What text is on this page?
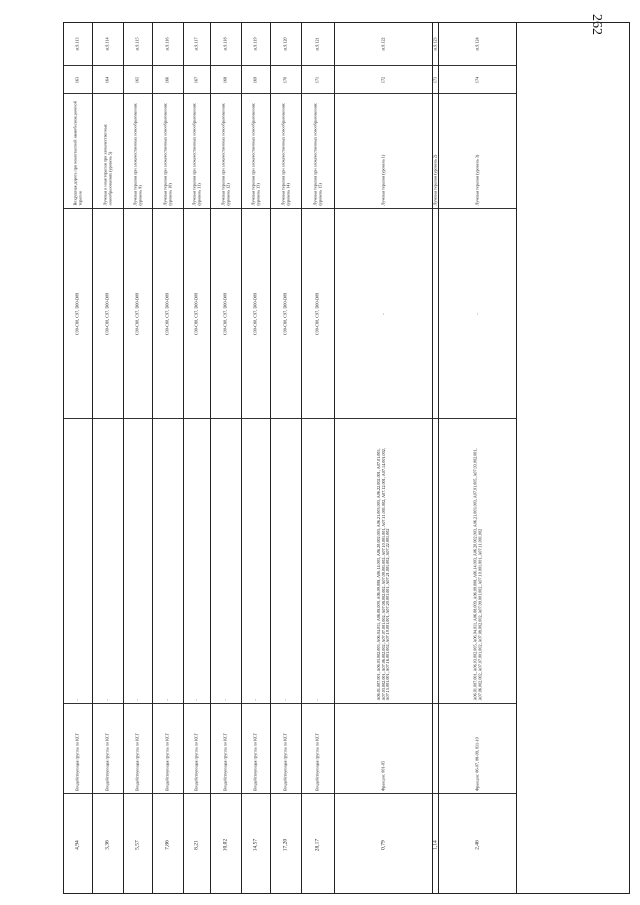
262
st.9.113
163
Воздушная дорога при неконтактной иммобилизационной терапии
C00-C80, C97, D00-D09
-
Воздействующая группа по КСГ
4,94
st.9.114
164
Лучевая и иная терапия при злокачественных новообразованиях (уровень 5)
C00-C80, C97, D00-D09
-
Воздействующая группа по КСГ
3,36
st.9.115
165
Лучевая терапия при злокачественных новообразованиях (уровень 9)
C00-C80, C97, D00-D09
-
Воздействующая группа по КСГ
5,57
st.9.116
166
Лучевая терапия при злокачественных новообразованиях (уровень 10)
C00-C80, C97, D00-D09
-
Воздействующая группа по КСГ
7,86
st.9.117
167
Лучевая терапия при злокачественных новообразованиях (уровень 11)
C00-C80, C97, D00-D09
-
Воздействующая группа по КСГ
8,21
st.9.118
168
Лучевая терапия при злокачественных новообразованиях (уровень 12)
C00-C80, C97, D00-D09
-
Воздействующая группа по КСГ
10,02
st.9.119
169
Лучевая терапия при злокачественных новообразованиях (уровень 13)
C00-C80, C97, D00-D09
-
Воздействующая группа по КСГ
14,57
st.9.120
170
Лучевая терапия при злокачественных новообразованиях (уровень 14)
C00-C80, C97, D00-D09
-
Воздействующая группа по КСГ
17,20
st.9.121
171
Лучевая терапия при злокачественных новообразованиях (уровень 15)
C00-C80, C97, D00-D09
-
Воздействующая группа по КСГ
28,17
st.9.122
172
Лучевая терапия (уровень 1)
-
A06.01.007.001, A06.03.002.005, A06.04.011, A06.08.009, A06.09.008, A06.14.003, A06.20.002.003, A06.21.003.003, A06.22.002.001, A07.01.005, A07.03.002.001, A07.06.002.002, A07.07.001.002, A07.08.002.002, A07.09.001.002, A07.10.001.001, A07.11.001.002, A07.12.001, A07.14.001.002, A07.15.001.001, A07.16.001.002, A07.19.001.001, A07.20.001.001, A07.21.001.002, A07.22.001.002
Фракции: 001-05
0,79
st.9.123
173
Лучевая терапия (уровень 2)
1,14
st.9.124
174
Лучевая терапия (уровень 3)
-
A06.01.007.001, A06.03.002.005, A06.04.011, A06.08.009, A06.09.008, A06.14.003, A06.20.002.003, A06.21.003.003, A07.01.005, A07.03.002.001, A07.06.002.002, A07.07.001.002, A07.08.002.002, A07.09.001.002, A07.10.001.001, A07.11.001.002
Фракции: 06-07, 08-09, 011-10
2,46
